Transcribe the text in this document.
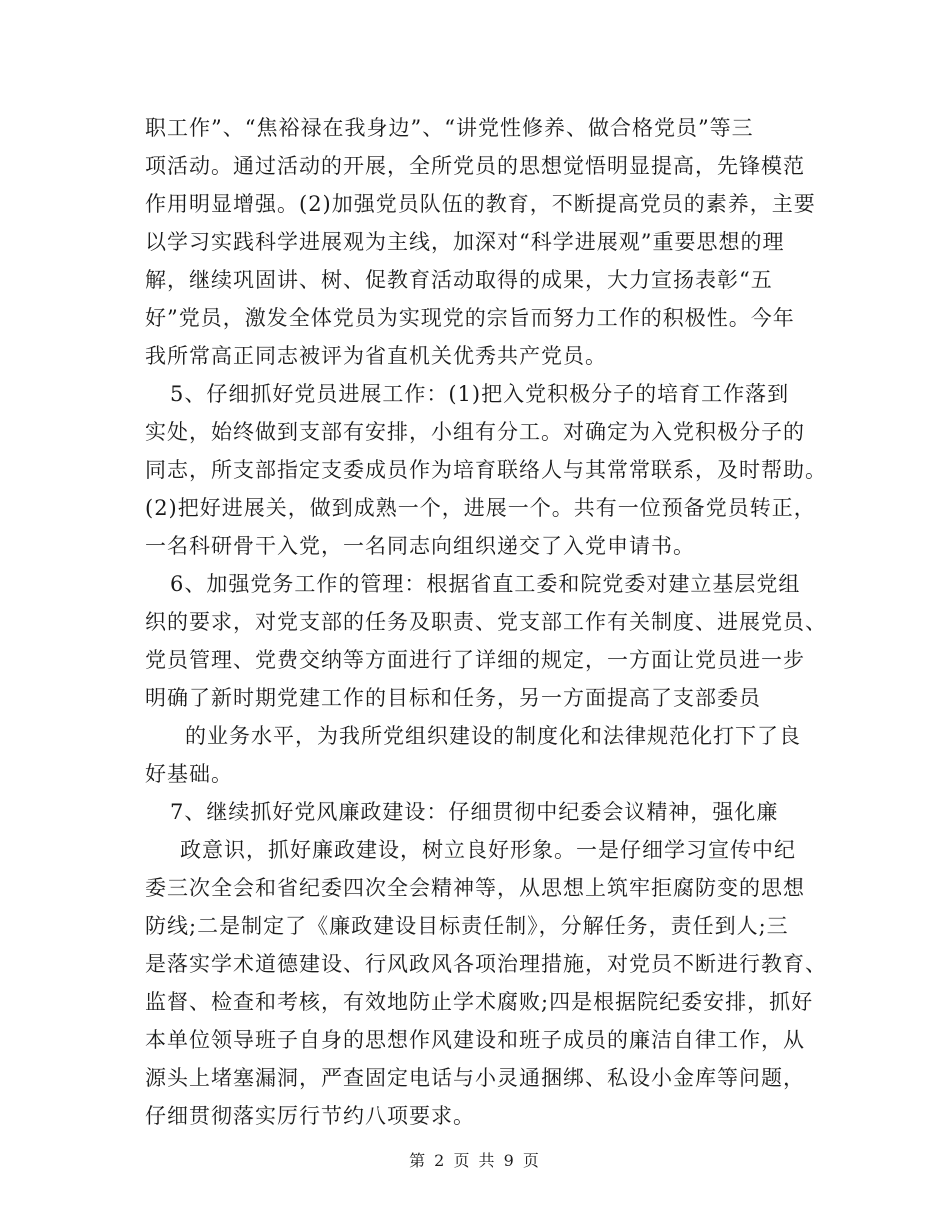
职工作”、“焦裕禄在我身边”、“讲党性修养、做合格党员”等三
项活动。通过活动的开展，全所党员的思想觉悟明显提高，先锋模范
作用明显增强。(2)加强党员队伍的教育，不断提高党员的素养，主要
以学习实践科学进展观为主线，加深对“科学进展观”重要思想的理
解，继续巩固讲、树、促教育活动取得的成果，大力宣扬表彰“五
好”党员，激发全体党员为实现党的宗旨而努力工作的积极性。今年
我所常高正同志被评为省直机关优秀共产党员。
5、仔细抓好党员进展工作：(1)把入党积极分子的培育工作落到
实处，始终做到支部有安排，小组有分工。对确定为入党积极分子的
同志，所支部指定支委成员作为培育联络人与其常常联系，及时帮助。
(2)把好进展关，做到成熟一个，进展一个。共有一位预备党员转正，
一名科研骨干入党，一名同志向组织递交了入党申请书。
6、加强党务工作的管理：根据省直工委和院党委对建立基层党组
织的要求，对党支部的任务及职责、党支部工作有关制度、进展党员、
党员管理、党费交纳等方面进行了详细的规定，一方面让党员进一步
明确了新时期党建工作的目标和任务，另一方面提高了支部委员
的业务水平，为我所党组织建设的制度化和法律规范化打下了良
好基础。
7、继续抓好党风廉政建设：仔细贯彻中纪委会议精神，强化廉
政意识，抓好廉政建设，树立良好形象。一是仔细学习宣传中纪
委三次全会和省纪委四次全会精神等，从思想上筑牢拒腐防变的思想
防线;二是制定了《廉政建设目标责任制》，分解任务，责任到人;三
是落实学术道德建设、行风政风各项治理措施，对党员不断进行教育、
监督、检查和考核，有效地防止学术腐败;四是根据院纪委安排，抓好
本单位领导班子自身的思想作风建设和班子成员的廉洁自律工作，从
源头上堵塞漏洞，严查固定电话与小灵通捆绑、私设小金库等问题，
仔细贯彻落实厉行节约八项要求。
第 2 页 共 9 页
